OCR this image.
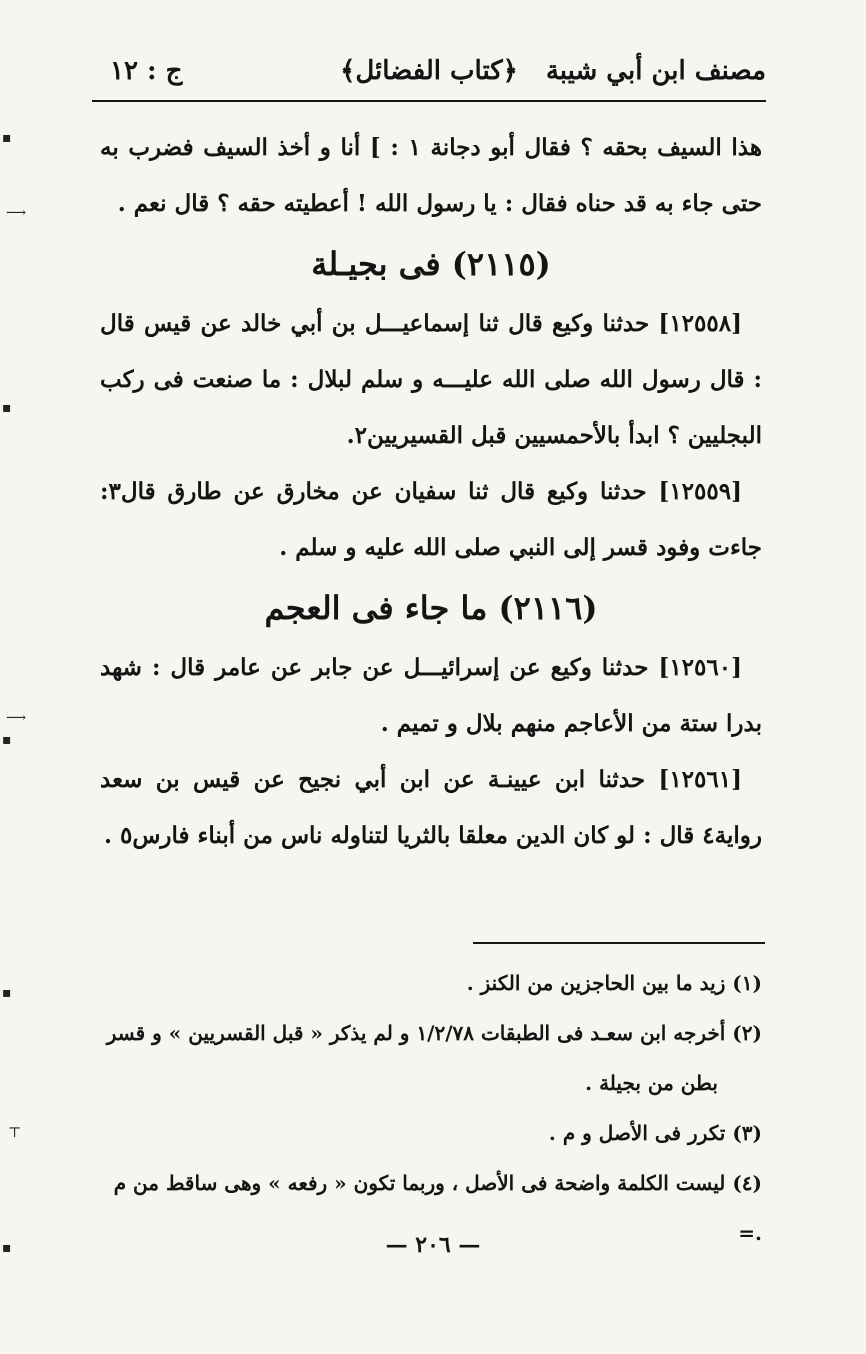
مصنف ابن أبي شيبة
﴿كتاب الفضائل﴾
ج : ١٢

هذا السيف بحقه ؟ فقال أبو دجانة ١ : ] أنا و أخذ السيف فضرب به حتى جاء به قد حناه فقال : يا رسول الله ! أعطيته حقه ؟ قال نعم .

(٢١١٥) فى بجيـلة

[١٢٥٥٨] حدثنا وكيع قال ثنا إسماعيـــل بن أبي خالد عن قيس قال : قال رسول الله صلى الله عليـــه و سلم لبلال : ما صنعت فى ركب البجليين ؟ ابدأ بالأحمسيين قبل القسيريين٢.

[١٢٥٥٩] حدثنا وكيع قال ثنا سفيان عن مخارق عن طارق قال٣: جاءت وفود قسر إلى النبي صلى الله عليه و سلم .

(٢١١٦) ما جاء فى العجم

[١٢٥٦٠] حدثنا وكيع عن إسرائيـــل عن جابر عن عامر قال : شهد بدرا ستة من الأعاجم منهم بلال و تميم .

[١٢٥٦١] حدثنا ابن عيينـة عن ابن أبي نجيح عن قيس بن سعد رواية٤ قال : لو كان الدين معلقا بالثريا لتناوله ناس من أبناء فارس٥ .

(١) زيد ما بين الحاجزين من الكنز .

(٢) أخرجه ابن سعـد فى الطبقات ١/٢/٧٨ و لم يذكر « قبل القسريين » و قسر

بطن من بجيلة .

(٣) تكرر فى الأصل و م .

(٤) ليست الكلمة واضحة فى الأصل ، وربما تكون « رفعه » وهى ساقط من م .=

— ٢٠٦ —
▪
⟶
▪
⟶
▪
▪
⊤
▪
